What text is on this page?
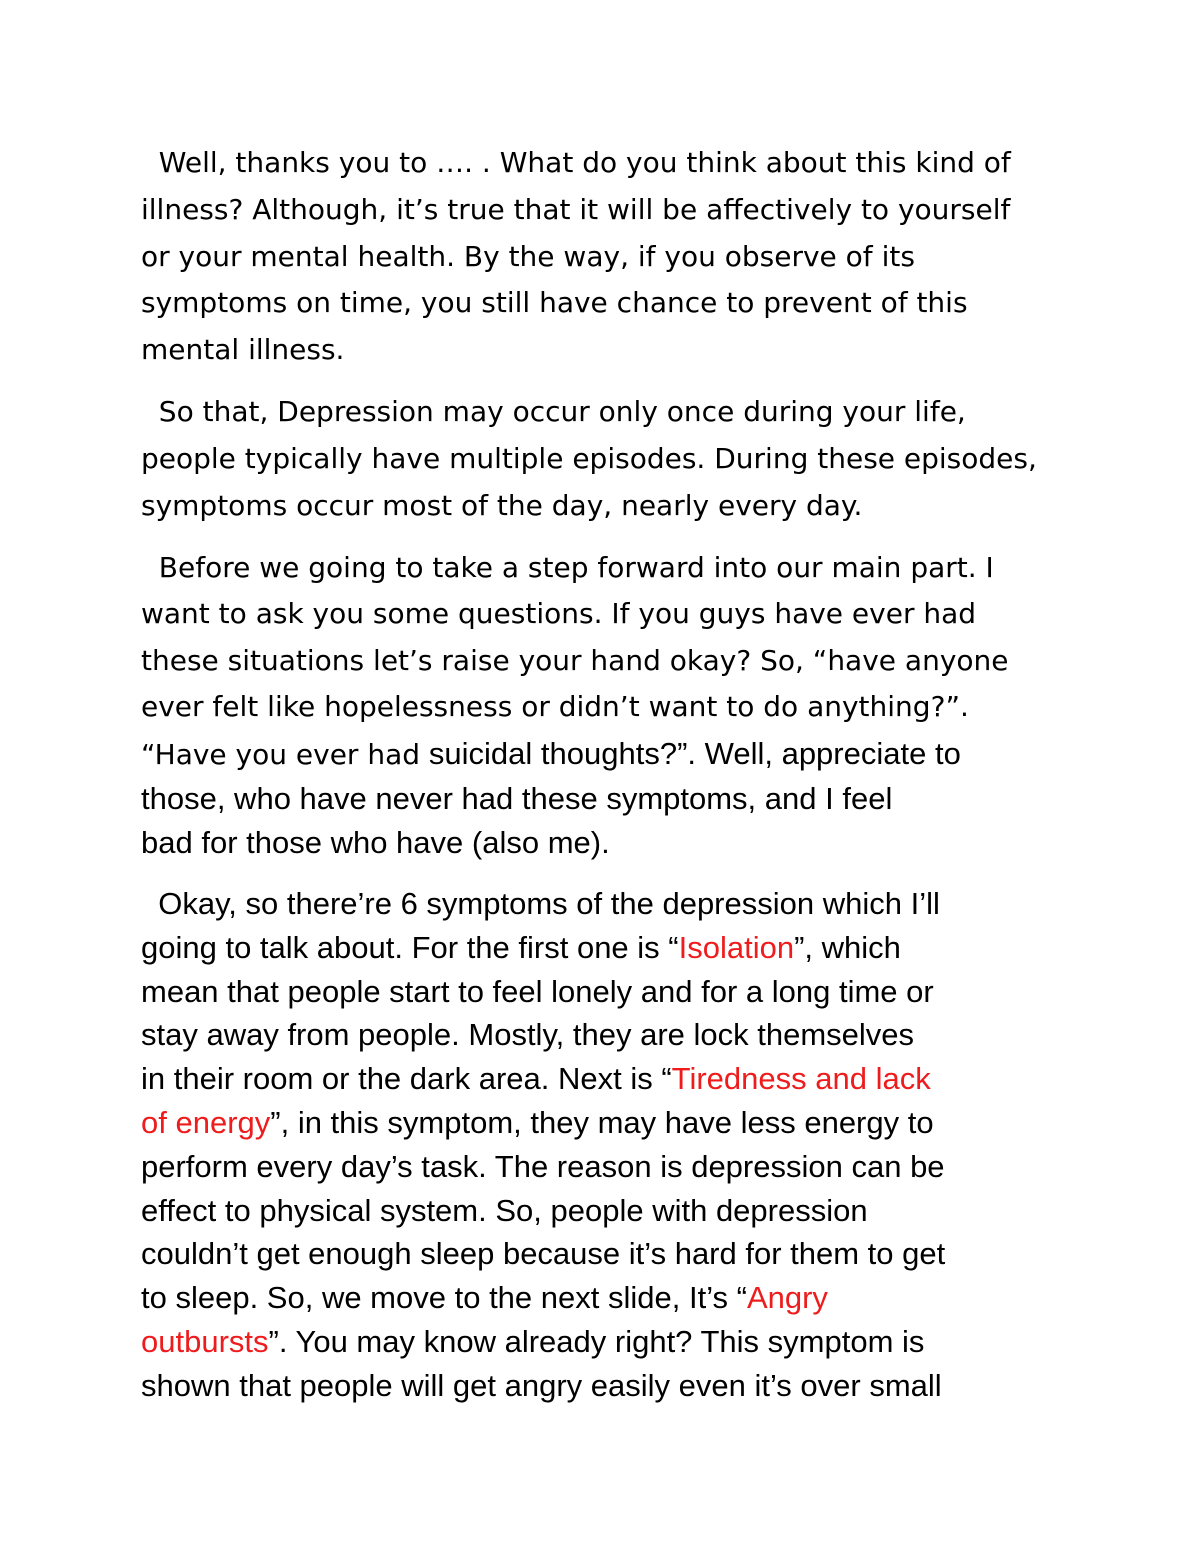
Well, thanks you to …. . What do you think about this kind of
illness? Although, it’s true that it will be affectively to yourself
or your mental health. By the way, if you observe of its
symptoms on time, you still have chance to prevent of this
mental illness.
So that, Depression may occur only once during your life,
people typically have multiple episodes. During these episodes,
symptoms occur most of the day, nearly every day.
Before we going to take a step forward into our main part. I
want to ask you some questions. If you guys have ever had
these situations let’s raise your hand okay? So, “have anyone
ever felt like hopelessness or didn’t want to do anything?”.
“Have you ever had suicidal thoughts?”. Well, appreciate to
those, who have never had these symptoms, and I feel
bad for those who have (also me).
Okay, so there’re 6 symptoms of the depression which I’ll
going to talk about. For the first one is “Isolation”, which
mean that people start to feel lonely and for a long time or
stay away from people. Mostly, they are lock themselves
in their room or the dark area. Next is “Tiredness and lack
of energy”, in this symptom, they may have less energy to
perform every day’s task. The reason is depression can be
effect to physical system. So, people with depression
couldn’t get enough sleep because it’s hard for them to get
to sleep. So, we move to the next slide, It’s “Angry
outbursts”. You may know already right? This symptom is
shown that people will get angry easily even it’s over small
